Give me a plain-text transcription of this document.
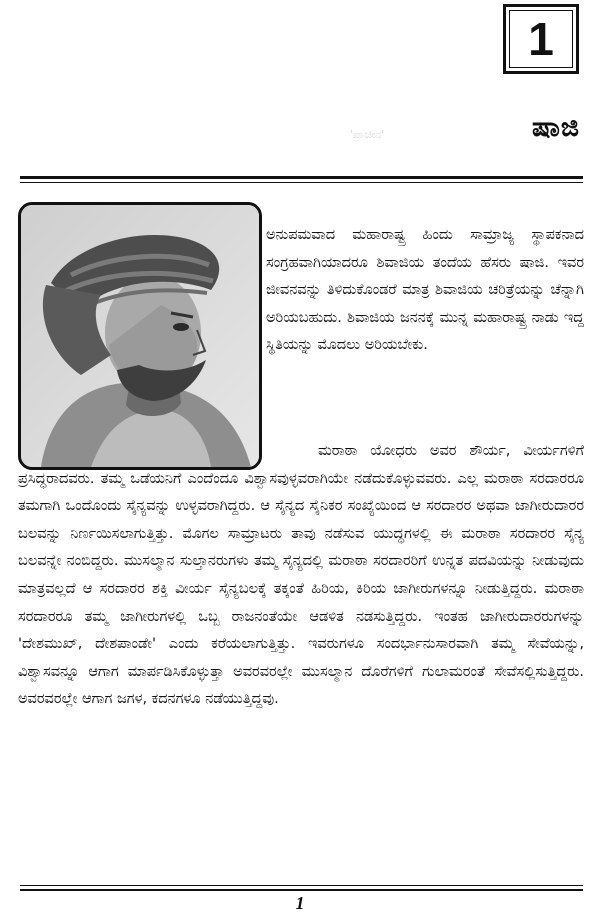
'ಪ್ರಾಚೀನ'
1
ಷಾಜಿ
ಅನುಪಮವಾದ ಮಹಾರಾಷ್ಟ್ರ ಹಿಂದು ಸಾಮ್ರಾಜ್ಯ ಸ್ಥಾಪಕನಾದ ಸಂಗ್ರಹವಾಗಿಯಾದರೂ ಶಿವಾಜಿಯ ತಂದೆಯ ಹೆಸರು ಷಾಜಿ. ಇವರ ಜೀವನವನ್ನು ತಿಳಿದುಕೊಂಡರೆ ಮಾತ್ರ ಶಿವಾಜಿಯ ಚರಿತ್ರೆಯನ್ನು ಚೆನ್ನಾಗಿ ಅರಿಯಬಹುದು. ಶಿವಾಜಿಯ ಜನನಕ್ಕೆ ಮುನ್ನ ಮಹಾರಾಷ್ಟ್ರ ನಾಡು ಇದ್ದ ಸ್ಥಿತಿಯನ್ನು ಮೊದಲು ಅರಿಯಬೇಕು.
ಮರಾಠಾ ಯೋಧರು ಅವರ ಶೌರ್ಯ, ವೀರ್ಯಗಳಿಗೆ ಪ್ರಸಿದ್ಧರಾದವರು. ತಮ್ಮ ಒಡೆಯನಿಗೆ ಎಂದೆಂದೂ ವಿಶ್ವಾಸವುಳ್ಳವರಾಗಿಯೇ ನಡೆದುಕೊಳ್ಳುವವರು. ಎಲ್ಲ ಮರಾಠಾ ಸರದಾರರೂ ತಮಗಾಗಿ ಒಂದೊಂದು ಸೈನ್ಯವನ್ನು ಉಳ್ಳವರಾಗಿದ್ದರು. ಆ ಸೈನ್ಯದ ಸೈನಿಕರ ಸಂಖ್ಯೆಯಿಂದ ಆ ಸರದಾರರ ಅಥವಾ ಜಾಗೀರುದಾರರ ಬಲವನ್ನು ನಿರ್ಣಯಿಸಲಾಗುತ್ತಿತ್ತು. ಮೊಗಲ ಸಾಮ್ರಾಟರು ತಾವು ನಡೆಸುವ ಯುದ್ಧಗಳಲ್ಲಿ ಈ ಮರಾಠಾ ಸರದಾರರ ಸೈನ್ಯ ಬಲವನ್ನೇ ನಂಬಿದ್ದರು. ಮುಸಲ್ಮಾನ ಸುಲ್ತಾನರುಗಳು ತಮ್ಮ ಸೈನ್ಯದಲ್ಲಿ ಮರಾಠಾ ಸರದಾರರಿಗೆ ಉನ್ನತ ಪದವಿಯನ್ನು ನೀಡುವುದು ಮಾತ್ರವಲ್ಲದೆ ಆ ಸರದಾರರ ಶಕ್ತಿ ವೀರ್ಯ ಸೈನ್ಯಬಲಕ್ಕೆ ತಕ್ಕಂತೆ ಹಿರಿಯ, ಕಿರಿಯ ಜಾಗೀರುಗಳನ್ನೂ ನೀಡುತ್ತಿದ್ದರು. ಮರಾಠಾ ಸರದಾರರೂ ತಮ್ಮ ಜಾಗೀರುಗಳಲ್ಲಿ ಒಬ್ಬ ರಾಜನಂತೆಯೇ ಆಡಳಿತ ನಡಸುತ್ತಿದ್ದರು. ಇಂತಹ ಜಾಗೀರುದಾರರುಗಳನ್ನು 'ದೇಶಮುಖ್, ದೇಶಪಾಂಡೇ' ಎಂದು ಕರೆಯಲಾಗುತ್ತಿತ್ತು. ಇವರುಗಳೂ ಸಂದರ್ಭಾನುಸಾರವಾಗಿ ತಮ್ಮ ಸೇವೆಯನ್ನು, ವಿಶ್ವಾಸವನ್ನೂ ಆಗಾಗ ಮಾರ್ಪಡಿಸಿಕೊಳ್ಳುತ್ತಾ ಅವರವರಲ್ಲೇ ಮುಸಲ್ಮಾನ ದೊರೆಗಳಿಗೆ ಗುಲಾಮರಂತೆ ಸೇವೆಸಲ್ಲಿಸುತ್ತಿದ್ದರು. ಅವರವರಲ್ಲೇ ಆಗಾಗ ಜಗಳ, ಕದನಗಳೂ ನಡೆಯುತ್ತಿದ್ದವು.
1
